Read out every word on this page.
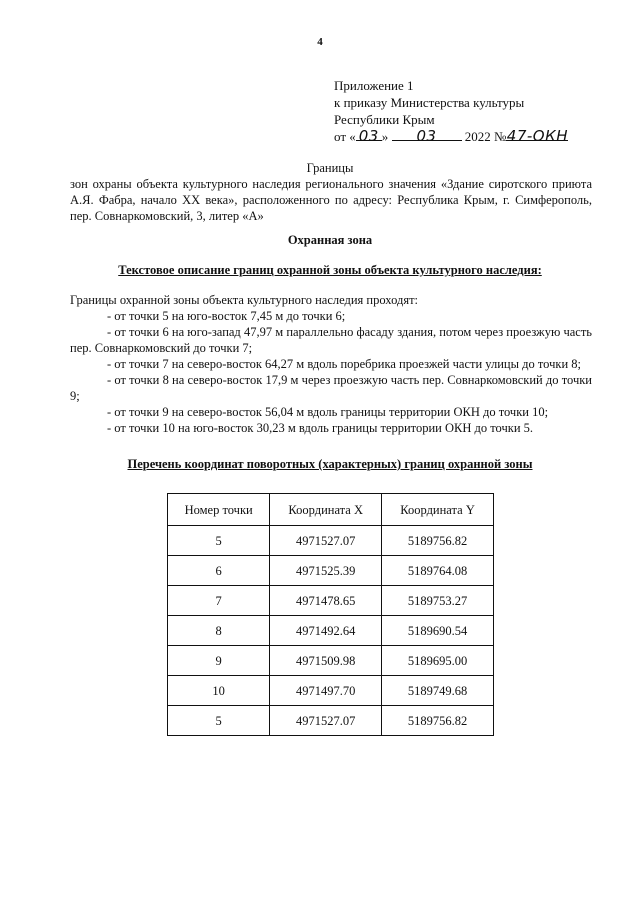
4
Приложение 1
к приказу Министерства культуры
Республики Крым
от « 03 » 03 2022 №47-ОКН
Границы
зон охраны объекта культурного наследия регионального значения «Здание сиротского приюта А.Я. Фабра, начало XX века», расположенного по адресу: Республика Крым, г. Симферополь, пер. Совнаркомовский, 3, литер «А»
Охранная зона
Текстовое описание границ охранной зоны объекта культурного наследия:

Границы охранной зоны объекта культурного наследия проходят:

- от точки 5 на юго-восток 7,45 м до точки 6;

- от точки 6 на юго-запад 47,97 м параллельно фасаду здания, потом через проезжую часть пер. Совнаркомовский до точки 7;

- от точки 7 на северо-восток 64,27 м вдоль поребрика проезжей части улицы до точки 8;

- от точки 8 на северо-восток 17,9 м через проезжую часть пер. Совнаркомовский до точки 9;

- от точки 9 на северо-восток 56,04 м вдоль границы территории ОКН до точки 10;

- от точки 10 на юго-восток 30,23 м вдоль границы территории ОКН до точки 5.

Перечень координат поворотных (характерных) границ охранной зоны
Номер точки	Координата X	Координата Y
5	4971527.07	5189756.82
6	4971525.39	5189764.08
7	4971478.65	5189753.27
8	4971492.64	5189690.54
9	4971509.98	5189695.00
10	4971497.70	5189749.68
5	4971527.07	5189756.82
